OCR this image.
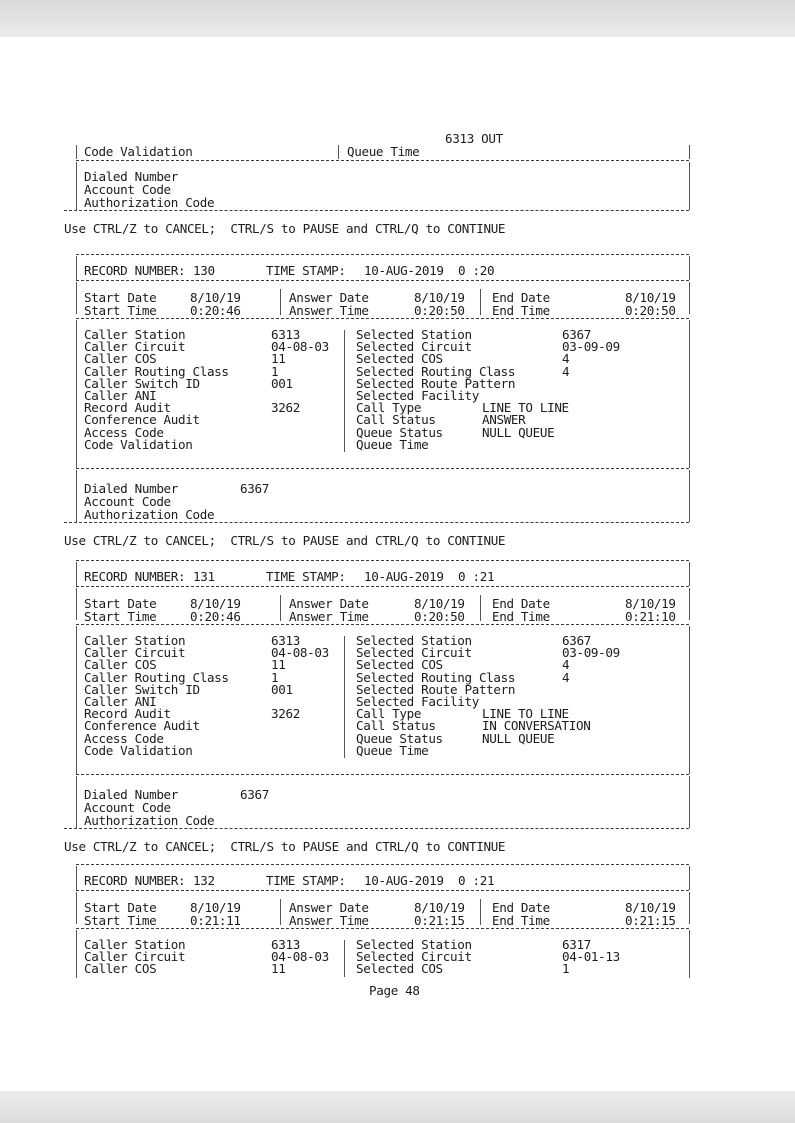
6313 OUT
Code Validation	Queue Time
Dialed Number
Account Code
Authorization Code
Use CTRL/Z to CANCEL;  CTRL/S to PAUSE and CTRL/Q to CONTINUE
RECORD NUMBER: 130	TIME STAMP: 10-AUG-2019  0 :20
Start Date	8/10/19	Answer Date	8/10/19 End Date	8/10/19
Start Time	0:20:46	Answer Time	0:20:50 End Time	0:20:50
Caller Station	6313	Selected Station	6367
Caller Circuit	04-08-03 Selected Circuit	03-09-09
Caller COS	11	Selected COS	4
Caller Routing Class	1	Selected Routing Class	4
Caller Switch ID	001	Selected Route Pattern
Caller ANI	Selected Facility
Record Audit	3262	Call Type	LINE TO LINE
Conference Audit	Call Status	ANSWER
Access Code	Queue Status	NULL QUEUE
Code Validation	Queue Time
Dialed Number	6367
Account Code
Authorization Code
Use CTRL/Z to CANCEL;  CTRL/S to PAUSE and CTRL/Q to CONTINUE
RECORD NUMBER: 131	TIME STAMP: 10-AUG-2019  0 :21
Start Date	8/10/19	Answer Date	8/10/19 End Date	8/10/19
Start Time	0:20:46	Answer Time	0:20:50 End Time	0:21:10
Caller Station	6313	Selected Station	6367
Caller Circuit	04-08-03 Selected Circuit	03-09-09
Caller COS	11	Selected COS	4
Caller Routing Class	1	Selected Routing Class	4
Caller Switch ID	001	Selected Route Pattern
Caller ANI	Selected Facility
Record Audit	3262	Call Type	LINE TO LINE
Conference Audit	Call Status	IN CONVERSATION
Access Code	Queue Status	NULL QUEUE
Code Validation	Queue Time
Dialed Number	6367
Account Code
Authorization Code
Use CTRL/Z to CANCEL;  CTRL/S to PAUSE and CTRL/Q to CONTINUE
RECORD NUMBER: 132	TIME STAMP: 10-AUG-2019  0 :21
Start Date	8/10/19	Answer Date	8/10/19 End Date	8/10/19
Start Time	0:21:11	Answer Time	0:21:15 End Time	0:21:15
Caller Station	6313	Selected Station	6317
Caller Circuit	04-08-03 Selected Circuit	04-01-13
Caller COS	11	Selected COS	1
Page 48
